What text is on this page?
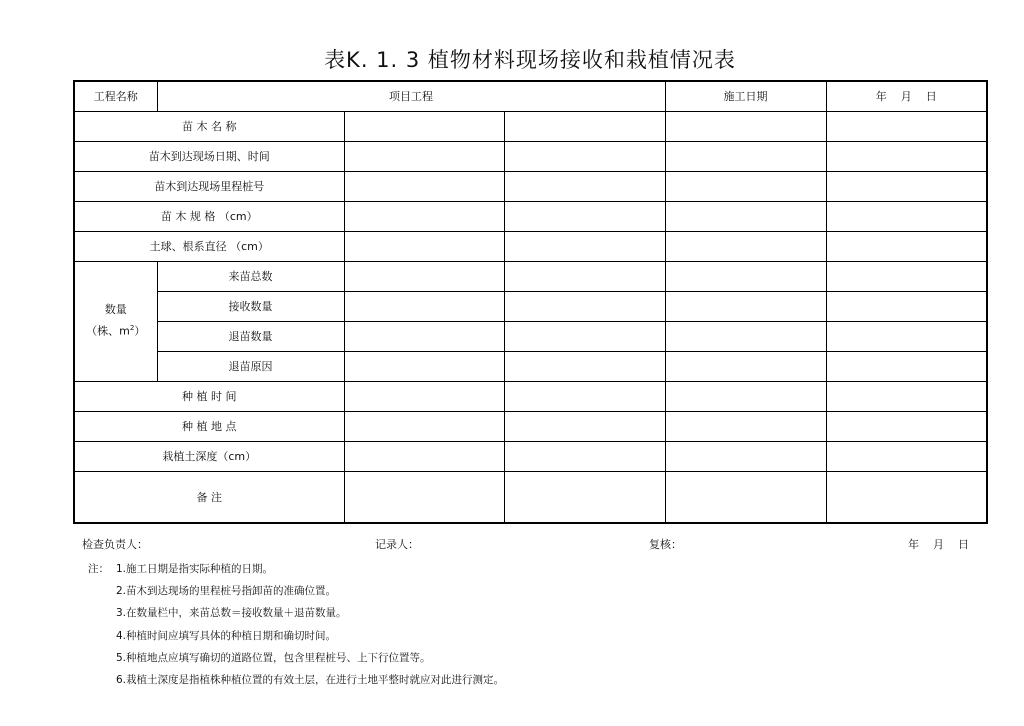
表K. 1. 3 植物材料现场接收和栽植情况表
工程名称	项目工程			施工日期	年    月    日
苗 木 名 称					
苗木到达现场日期、时间					
苗木到达现场里程桩号					
苗 木 规 格 （cm）					
土球、根系直径 （cm）					

数量
（株、$m^2$）	来苗总数				
	接收数量				
	退苗数量				
	退苗原因				
种 植 时 间					
种 植 地 点					
栽植土深度（cm）					
备 注					
检查负责人：	记录人：	复核：	年    月    日
注： 1.施工日期是指实际种植的日期。
2.苗木到达现场的里程桩号指卸苗的准确位置。
3.在数量栏中，来苗总数＝接收数量＋退苗数量。
4.种植时间应填写具体的种植日期和确切时间。
5.种植地点应填写确切的道路位置，包含里程桩号、上下行位置等。
6.栽植土深度是指植株种植位置的有效土层，在进行土地平整时就应对此进行测定。
